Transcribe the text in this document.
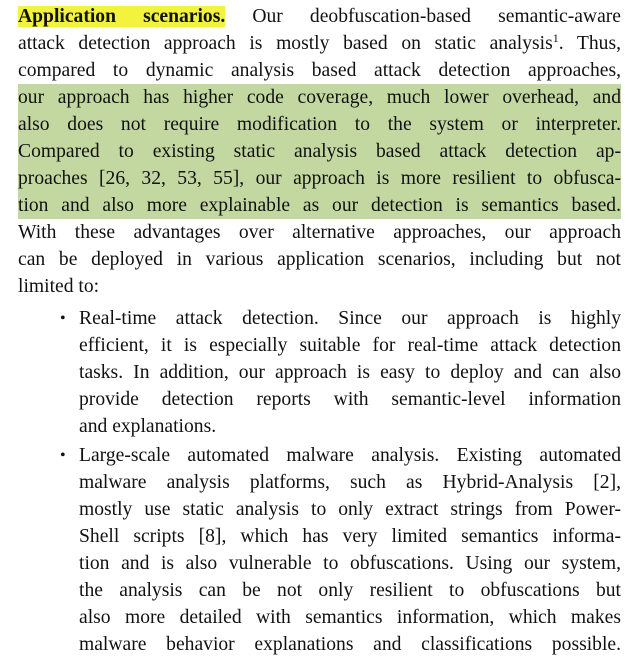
Application scenarios. Our deobfuscation-based semantic-aware
attack detection approach is mostly based on static analysis$^1$. Thus,
compared to dynamic analysis based attack detection approaches,
our approach has higher code coverage, much lower overhead, and
also does not require modification to the system or interpreter.
Compared to existing static analysis based attack detection ap-
proaches [26, 32, 53, 55], our approach is more resilient to obfusca-
tion and also more explainable as our detection is semantics based.
With these advantages over alternative approaches, our approach
can be deployed in various application scenarios, including but not
limited to:
• Real-time attack detection. Since our approach is highly
efficient, it is especially suitable for real-time attack detection
tasks. In addition, our approach is easy to deploy and can also
provide detection reports with semantic-level information
and explanations.
• Large-scale automated malware analysis. Existing automated
malware analysis platforms, such as Hybrid-Analysis [2],
mostly use static analysis to only extract strings from Power-
Shell scripts [8], which has very limited semantics informa-
tion and is also vulnerable to obfuscations. Using our system,
the analysis can be not only resilient to obfuscations but
also more detailed with semantics information, which makes
malware behavior explanations and classifications possible.
